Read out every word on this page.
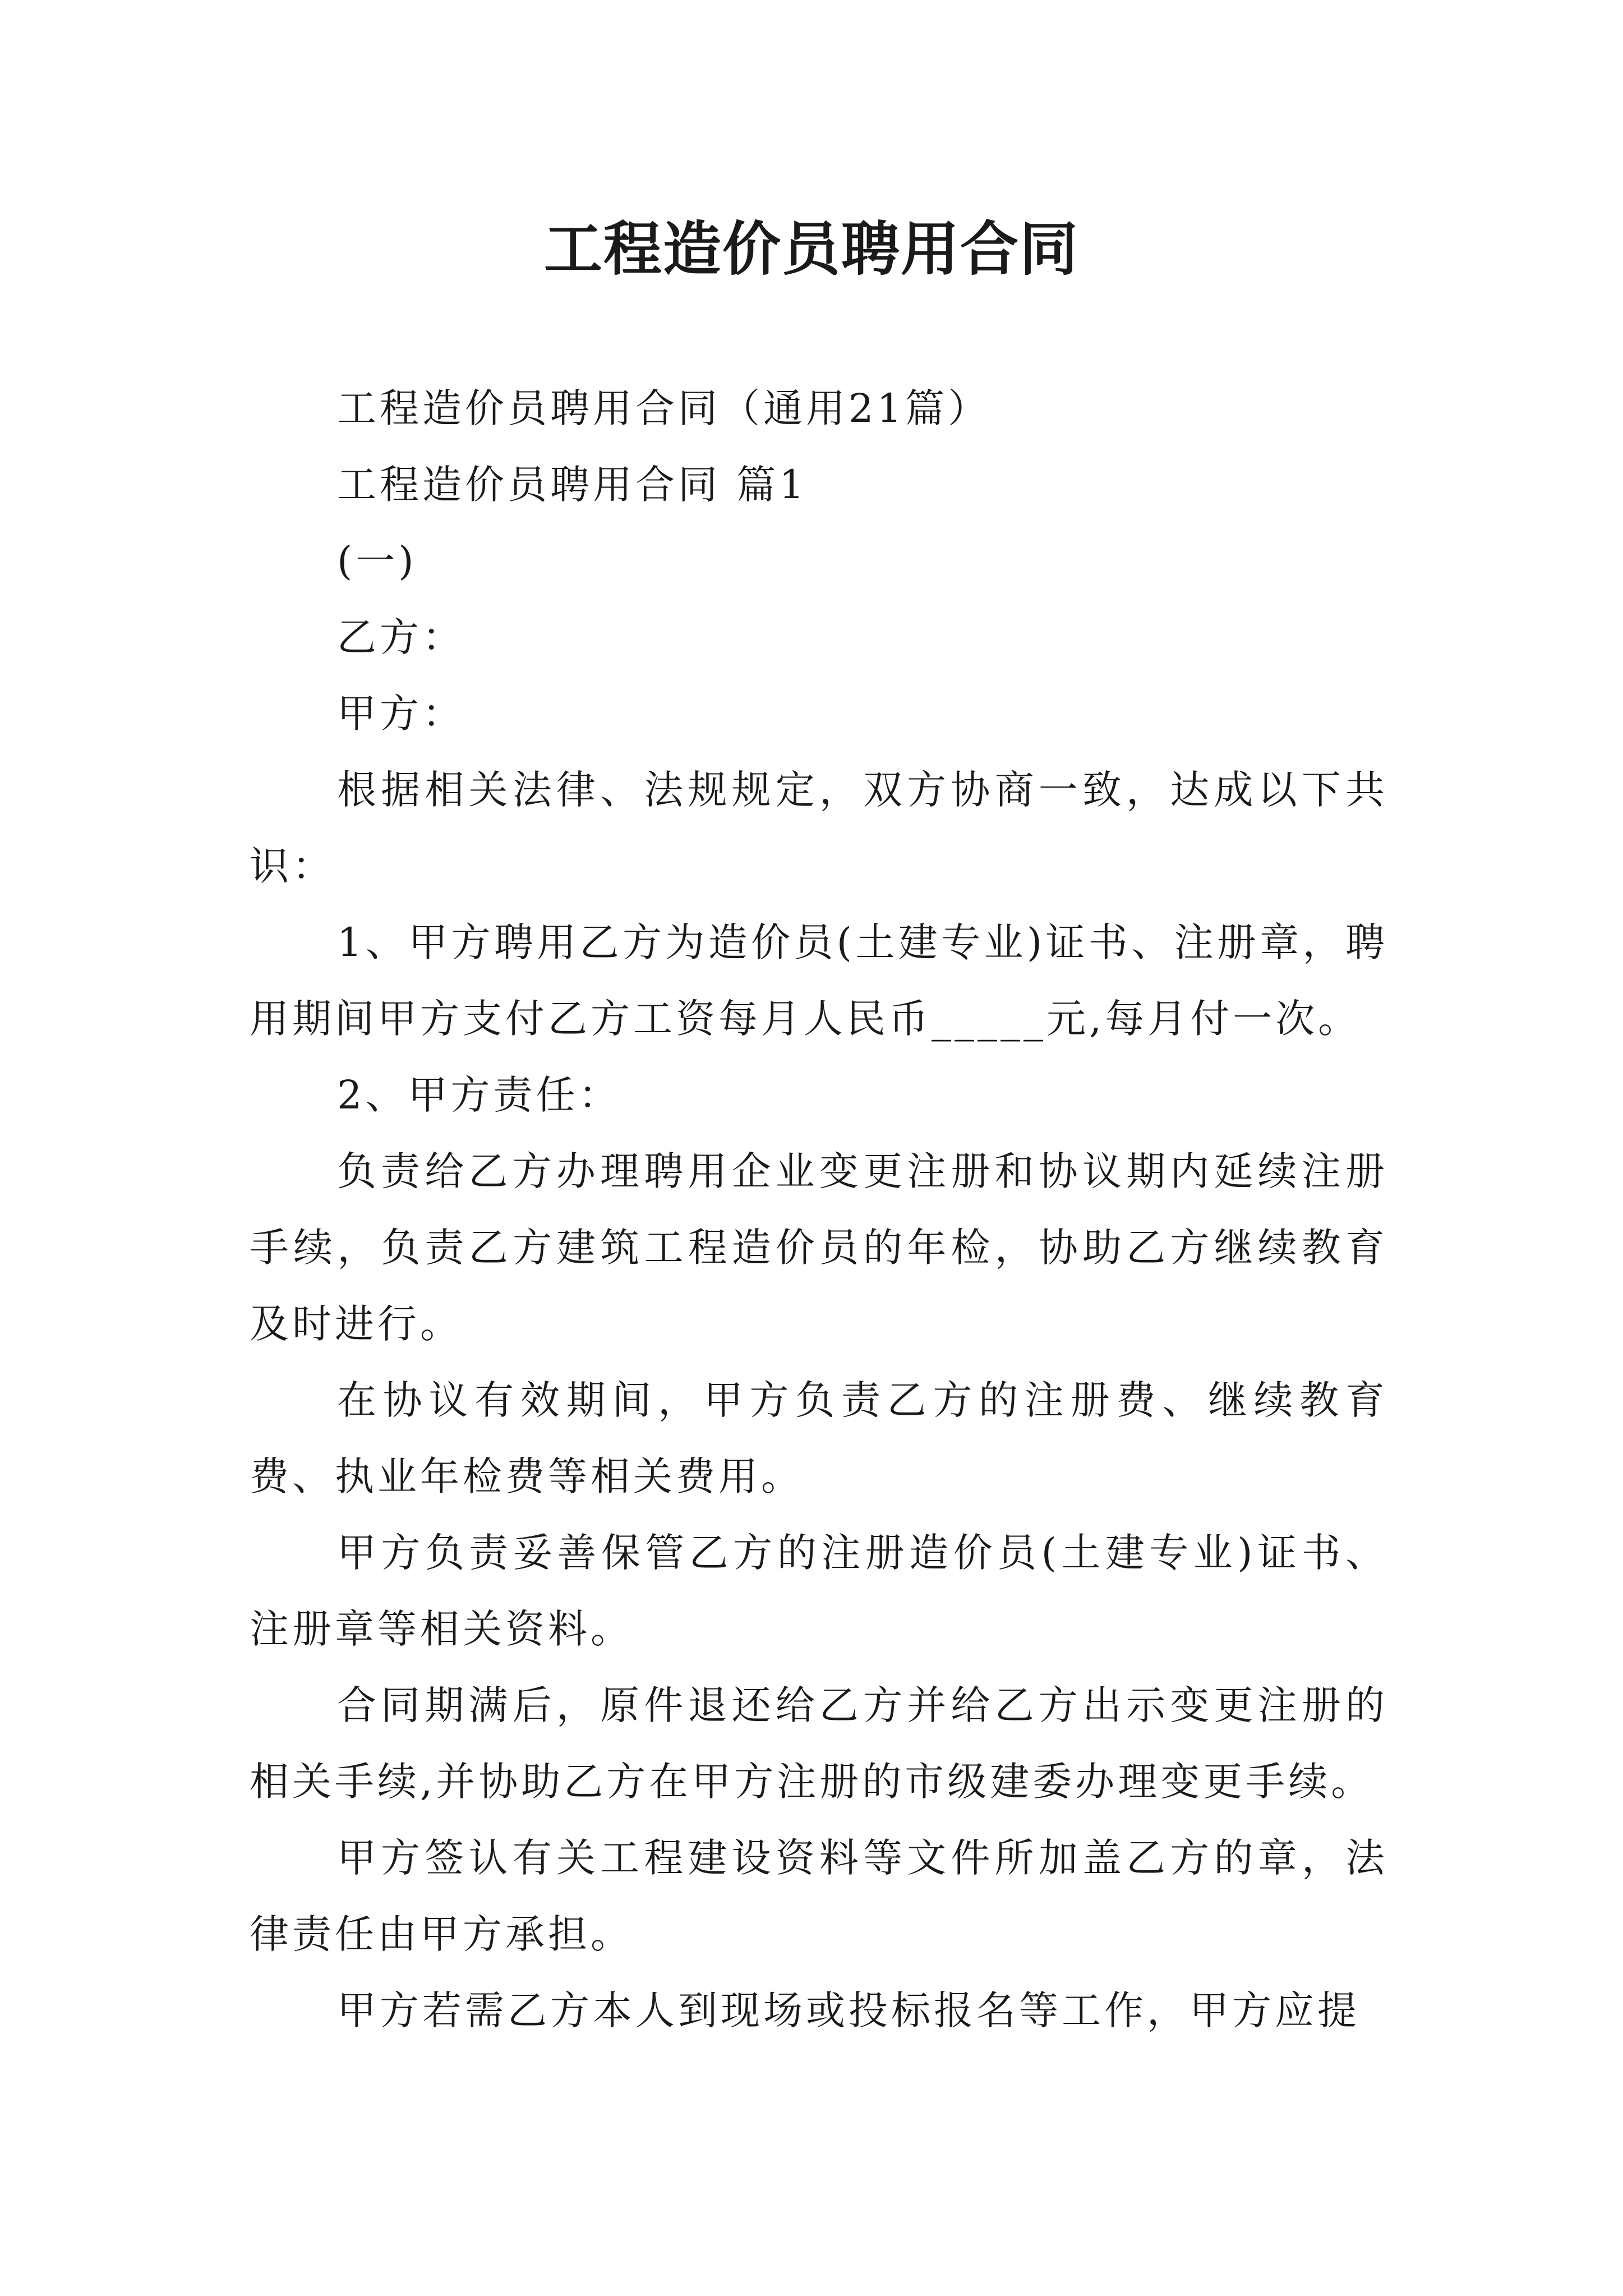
工程造价员聘用合同

工程造价员聘用合同（通用21篇）

工程造价员聘用合同 篇1

(一)

乙方：

甲方：

根据相关法律、法规规定，双方协商一致，达成以下共识：

1、甲方聘用乙方为造价员(土建专业)证书、注册章，聘用期间甲方支付乙方工资每月人民币_____元,每月付一次。

2、甲方责任：

负责给乙方办理聘用企业变更注册和协议期内延续注册手续，负责乙方建筑工程造价员的年检，协助乙方继续教育及时进行。

在协议有效期间，甲方负责乙方的注册费、继续教育费、执业年检费等相关费用。

甲方负责妥善保管乙方的注册造价员(土建专业)证书、注册章等相关资料。

合同期满后，原件退还给乙方并给乙方出示变更注册的相关手续,并协助乙方在甲方注册的市级建委办理变更手续。

甲方签认有关工程建设资料等文件所加盖乙方的章，法律责任由甲方承担。

甲方若需乙方本人到现场或投标报名等工作，甲方应提
